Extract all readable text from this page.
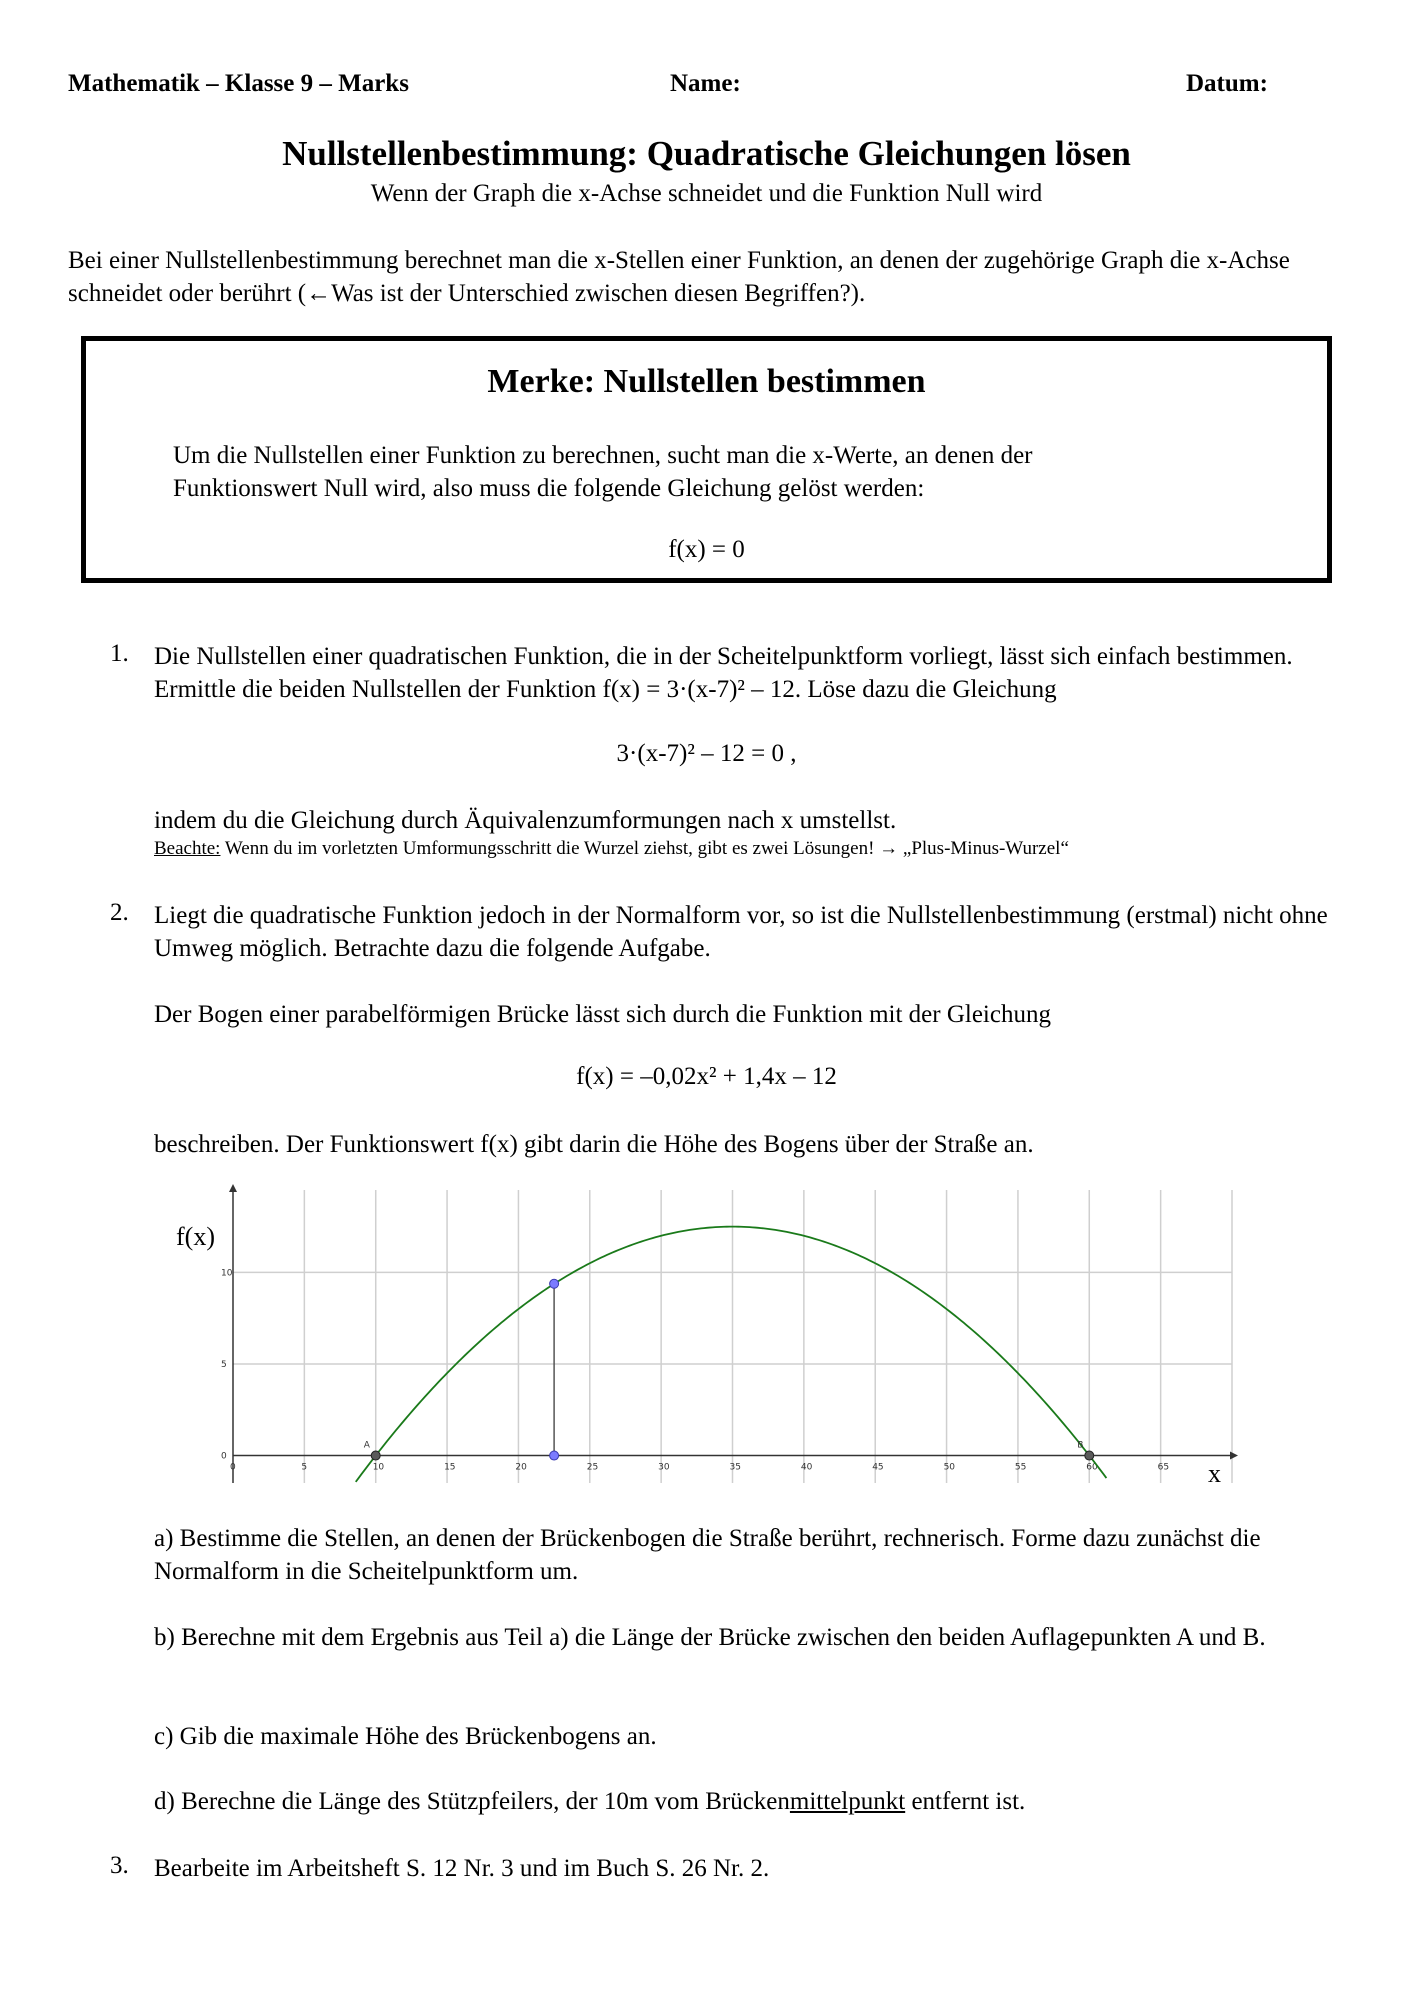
Mathematik – Klasse 9 – Marks	Name:	Datum:
Nullstellenbestimmung: Quadratische Gleichungen lösen
Wenn der Graph die x-Achse schneidet und die Funktion Null wird
Bei einer Nullstellenbestimmung berechnet man die x-Stellen einer Funktion, an denen der zugehörige Graph die x-Achse schneidet oder berührt (←Was ist der Unterschied zwischen diesen Begriffen?).
Merke: Nullstellen bestimmen
Um die Nullstellen einer Funktion zu berechnen, sucht man die x-Werte, an denen der Funktionswert Null wird, also muss die folgende Gleichung gelöst werden:
f(x) = 0
1. Die Nullstellen einer quadratischen Funktion, die in der Scheitelpunktform vorliegt, lässt sich einfach bestimmen. Ermittle die beiden Nullstellen der Funktion f(x) = 3·(x-7)² – 12. Löse dazu die Gleichung
3·(x-7)² – 12 = 0 ,
indem du die Gleichung durch Äquivalenzumformungen nach x umstellst.
Beachte: Wenn du im vorletzten Umformungsschritt die Wurzel ziehst, gibt es zwei Lösungen! → „Plus-Minus-Wurzel“
2. Liegt die quadratische Funktion jedoch in der Normalform vor, so ist die Nullstellenbestimmung (erstmal) nicht ohne Umweg möglich. Betrachte dazu die folgende Aufgabe.
Der Bogen einer parabelförmigen Brücke lässt sich durch die Funktion mit der Gleichung
f(x) = –0,02x² + 1,4x – 12
beschreiben. Der Funktionswert f(x) gibt darin die Höhe des Bogens über der Straße an.
0	5	10	15	20	25	30	35	40	45	50	55	60	65
0
5
10
A	B
f(x)
x
a) Bestimme die Stellen, an denen der Brückenbogen die Straße berührt, rechnerisch. Forme dazu zunächst die Normalform in die Scheitelpunktform um.
b) Berechne mit dem Ergebnis aus Teil a) die Länge der Brücke zwischen den beiden Auflagepunkten A und B.
c) Gib die maximale Höhe des Brückenbogens an.
d) Berechne die Länge des Stützpfeilers, der 10m vom Brückenmittelpunkt entfernt ist.
3. Bearbeite im Arbeitsheft S. 12 Nr. 3 und im Buch S. 26 Nr. 2.
